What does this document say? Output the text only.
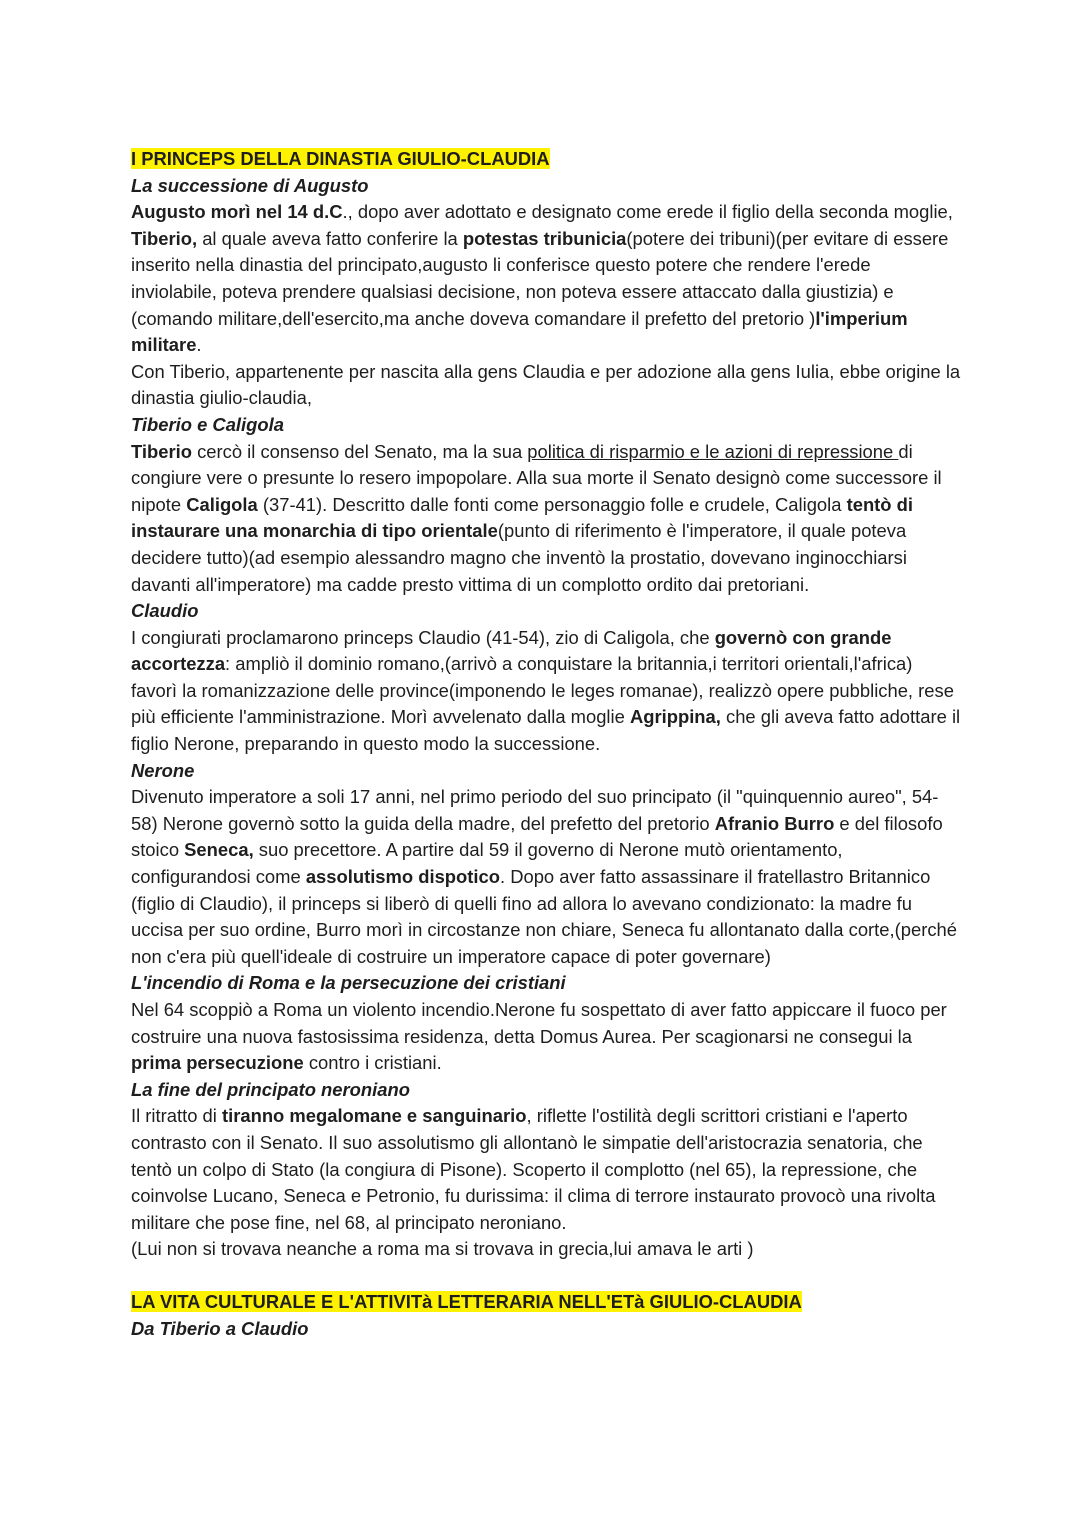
I PRINCEPS DELLA DINASTIA GIULIO-CLAUDIA

La successione di Augusto

Augusto morì nel 14 d.C., dopo aver adottato e designato come erede il figlio della seconda moglie, Tiberio, al quale aveva fatto conferire la potestas tribunicia(potere dei tribuni)(per evitare di essere inserito nella dinastia del principato,augusto li conferisce questo potere che rendere l'erede inviolabile, poteva prendere qualsiasi decisione, non poteva essere attaccato dalla giustizia) e (comando militare,dell'esercito,ma anche doveva comandare il prefetto del pretorio )l'imperium militare.

Con Tiberio, appartenente per nascita alla gens Claudia e per adozione alla gens Iulia, ebbe origine la dinastia giulio-claudia,

Tiberio e Caligola

Tiberio cercò il consenso del Senato, ma la sua politica di risparmio e le azioni di repressione di congiure vere o presunte lo resero impopolare. Alla sua morte il Senato designò come successore il nipote Caligola (37-41). Descritto dalle fonti come personaggio folle e crudele, Caligola tentò di instaurare una monarchia di tipo orientale(punto di riferimento è l'imperatore, il quale poteva decidere tutto)(ad esempio alessandro magno che inventò la prostatio, dovevano inginocchiarsi davanti all'imperatore) ma cadde presto vittima di un complotto ordito dai pretoriani.

Claudio

I congiurati proclamarono princeps Claudio (41-54), zio di Caligola, che governò con grande accortezza: ampliò il dominio romano,(arrivò a conquistare la britannia,i territori orientali,l'africa) favorì la romanizzazione delle province(imponendo le leges romanae), realizzò opere pubbliche, rese più efficiente l'amministrazione. Morì avvelenato dalla moglie Agrippina, che gli aveva fatto adottare il figlio Nerone, preparando in questo modo la successione.

Nerone

Divenuto imperatore a soli 17 anni, nel primo periodo del suo principato (il "quinquennio aureo", 54-58) Nerone governò sotto la guida della madre, del prefetto del pretorio Afranio Burro e del filosofo stoico Seneca, suo precettore. A partire dal 59 il governo di Nerone mutò orientamento, configurandosi come assolutismo dispotico. Dopo aver fatto assassinare il fratellastro Britannico (figlio di Claudio), il princeps si liberò di quelli fino ad allora lo avevano condizionato: la madre fu uccisa per suo ordine, Burro morì in circostanze non chiare, Seneca fu allontanato dalla corte,(perché non c'era più quell'ideale di costruire un imperatore capace di poter governare)

L'incendio di Roma e la persecuzione dei cristiani

Nel 64 scoppiò a Roma un violento incendio.Nerone fu sospettato di aver fatto appiccare il fuoco per costruire una nuova fastosissima residenza, detta Domus Aurea. Per scagionarsi ne consegui la prima persecuzione contro i cristiani.

La fine del principato neroniano

Il ritratto di tiranno megalomane e sanguinario, riflette l'ostilità degli scrittori cristiani e l'aperto contrasto con il Senato. Il suo assolutismo gli allontanò le simpatie dell'aristocrazia senatoria, che tentò un colpo di Stato (la congiura di Pisone). Scoperto il complotto (nel 65), la repressione, che coinvolse Lucano, Seneca e Petronio, fu durissima: il clima di terrore instaurato provocò una rivolta militare che pose fine, nel 68, al principato neroniano.

(Lui non si trovava neanche a roma ma si trovava in grecia,lui amava le arti )

LA VITA CULTURALE E L'ATTIVITà LETTERARIA NELL'ETà GIULIO-CLAUDIA

Da Tiberio a Claudio
